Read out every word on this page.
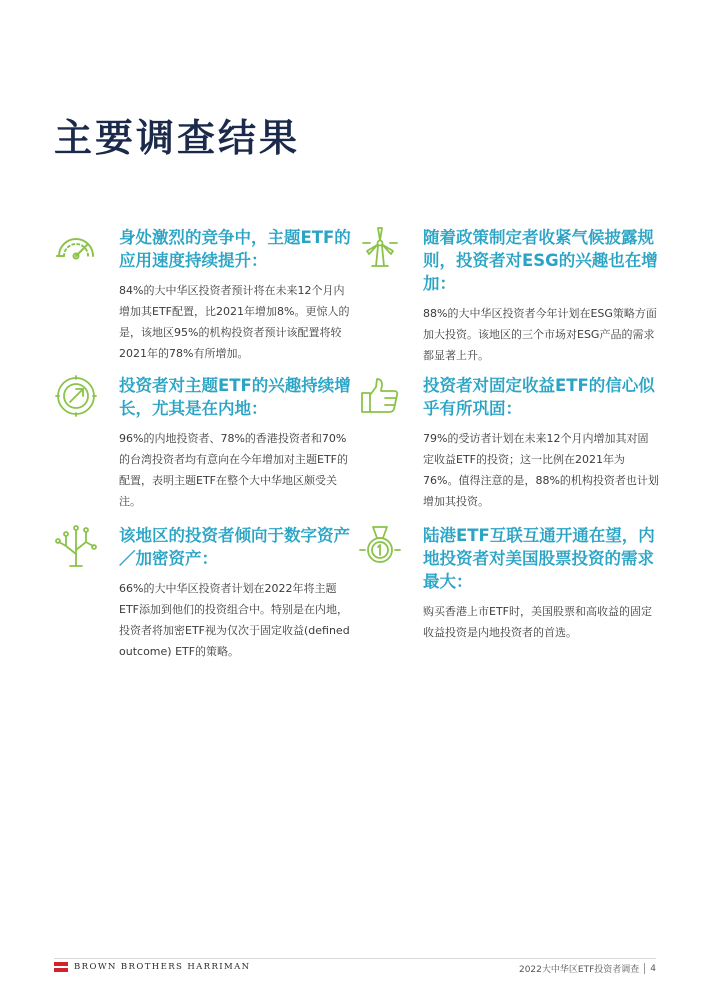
主要调查结果
身处激烈的竞争中，主题ETF的应用速度持续提升：

84%的大中华区投资者预计将在未来12个月内增加其ETF配置，比2021年增加8%。更惊人的是，该地区95%的机构投资者预计该配置将较2021年的78%有所增加。

随着政策制定者收紧气候披露规则，投资者对ESG的兴趣也在增加：

88%的大中华区投资者今年计划在ESG策略方面加大投资。该地区的三个市场对ESG产品的需求都显著上升。

投资者对主题ETF的兴趣持续增长，尤其是在内地：

96%的内地投资者、78%的香港投资者和70%的台湾投资者均有意向在今年增加对主题ETF的配置，表明主题ETF在整个大中华地区颇受关注。

投资者对固定收益ETF的信心似乎有所巩固：

79%的受访者计划在未来12个月内增加其对固定收益ETF的投资；这一比例在2021年为76%。值得注意的是，88%的机构投资者也计划增加其投资。

该地区的投资者倾向于数字资产／加密资产：

66%的大中华区投资者计划在2022年将主题ETF添加到他们的投资组合中。特别是在内地，投资者将加密ETF视为仅次于固定收益(defined outcome) ETF的策略。

陆港ETF互联互通开通在望，内地投资者对美国股票投资的需求最大：

购买香港上市ETF时，美国股票和高收益的固定收益投资是内地投资者的首选。

BROWN BROTHERS HARRIMAN	2022大中华区ETF投资者调查 4
